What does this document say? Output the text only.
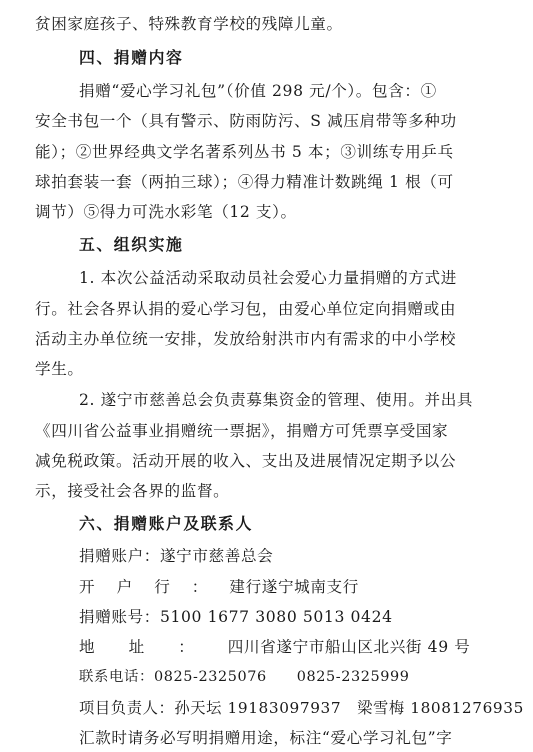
贫困家庭孩子、特殊教育学校的残障儿童。
四、捐赠内容
捐赠“爱心学习礼包”（价值 298 元/个）。包含：①
安全书包一个（具有警示、防雨防污、S 减压肩带等多种功
能）；②世界经典文学名著系列丛书 5 本；③训练专用乒乓
球拍套装一套（两拍三球）；④得力精准计数跳绳 1 根（可
调节）⑤得力可洗水彩笔（12 支）。
五、组织实施
1. 本次公益活动采取动员社会爱心力量捐赠的方式进
行。社会各界认捐的爱心学习包，由爱心单位定向捐赠或由
活动主办单位统一安排，发放给射洪市内有需求的中小学校
学生。
2. 遂宁市慈善总会负责募集资金的管理、使用。并出具
《四川省公益事业捐赠统一票据》，捐赠方可凭票享受国家
减免税政策。活动开展的收入、支出及进展情况定期予以公
示，接受社会各界的监督。
六、捐赠账户及联系人
捐赠账户：遂宁市慈善总会
开户行：建行遂宁城南支行
捐赠账号：5100 1677 3080 5013 0424
地址：四川省遂宁市船山区北兴街 49 号
联系电话：0825-2325076　　0825-2325999
项目负责人：孙天坛 19183097937　梁雪梅 18081276935
汇款时请务必写明捐赠用途，标注“爱心学习礼包”字
